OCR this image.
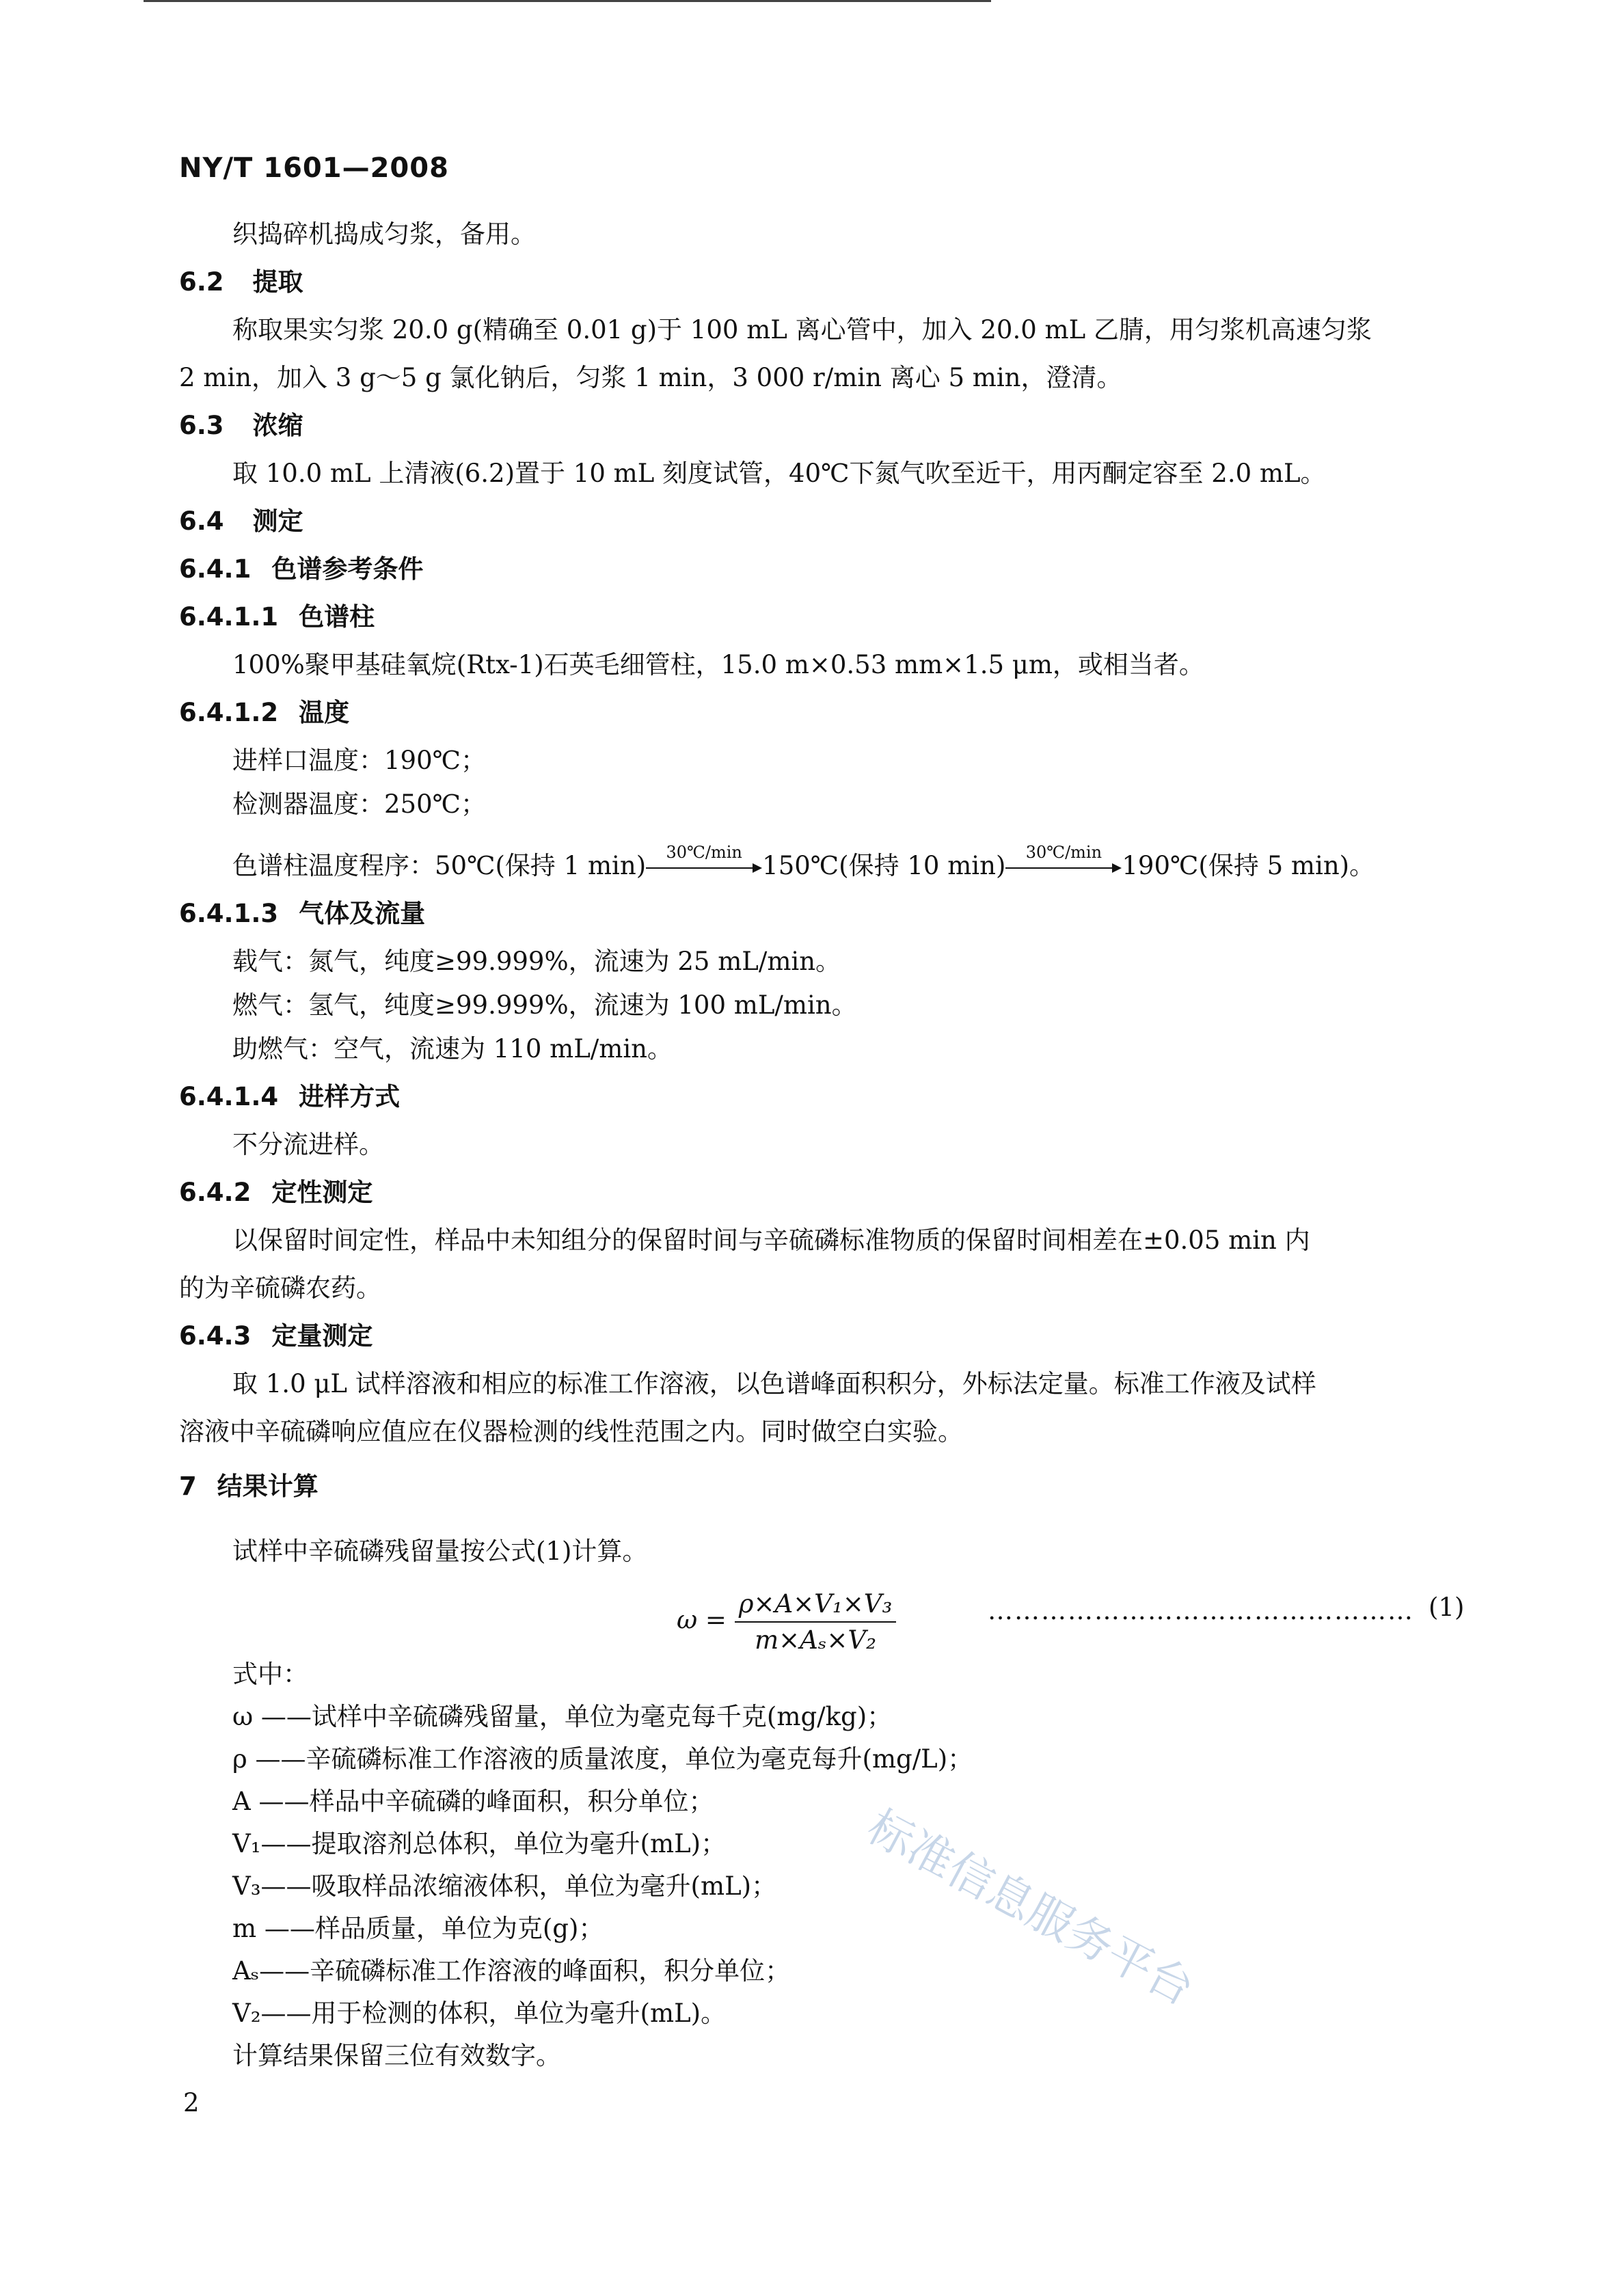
NY/T 1601—2008
织捣碎机捣成匀浆，备用。
6.2 提取
称取果实匀浆 20.0 g(精确至 0.01 g)于 100 mL 离心管中，加入 20.0 mL 乙腈，用匀浆机高速匀浆
2 min，加入 3 g～5 g 氯化钠后，匀浆 1 min，3 000 r/min 离心 5 min，澄清。
6.3 浓缩
取 10.0 mL 上清液(6.2)置于 10 mL 刻度试管，40℃下氮气吹至近干，用丙酮定容至 2.0 mL。
6.4 测定
6.4.1 色谱参考条件
6.4.1.1 色谱柱
100%聚甲基硅氧烷(Rtx-1)石英毛细管柱，15.0 m×0.53 mm×1.5 μm，或相当者。
6.4.1.2 温度
进样口温度：190℃；
检测器温度：250℃；
色谱柱温度程序：50℃(保持 1 min)	30℃/min 150℃(保持 10 min)	30℃/min 190℃(保持 5 min)。
6.4.1.3 气体及流量
载气：氮气，纯度≥99.999%，流速为 25 mL/min。
燃气：氢气，纯度≥99.999%，流速为 100 mL/min。
助燃气：空气，流速为 110 mL/min。
6.4.1.4 进样方式
不分流进样。
6.4.2 定性测定
以保留时间定性，样品中未知组分的保留时间与辛硫磷标准物质的保留时间相差在±0.05 min 内
的为辛硫磷农药。
6.4.3 定量测定
取 1.0 μL 试样溶液和相应的标准工作溶液，以色谱峰面积积分，外标法定量。标准工作液及试样
溶液中辛硫磷响应值应在仪器检测的线性范围之内。同时做空白实验。
7 结果计算
试样中辛硫磷残留量按公式(1)计算。
$\omega = \frac{\text{ρ×A×V₁×V₃}}{\text{m×Aₛ×V₂}}$	………………………………………… (1)
式中：
ω ——试样中辛硫磷残留量，单位为毫克每千克(mg/kg)；
ρ ——辛硫磷标准工作溶液的质量浓度，单位为毫克每升(mg/L)；
A ——样品中辛硫磷的峰面积，积分单位；
V₁——提取溶剂总体积，单位为毫升(mL)；
V₃——吸取样品浓缩液体积，单位为毫升(mL)；
m ——样品质量，单位为克(g)；
Aₛ——辛硫磷标准工作溶液的峰面积，积分单位；
V₂——用于检测的体积，单位为毫升(mL)。
计算结果保留三位有效数字。
标准信息服务平台
2
